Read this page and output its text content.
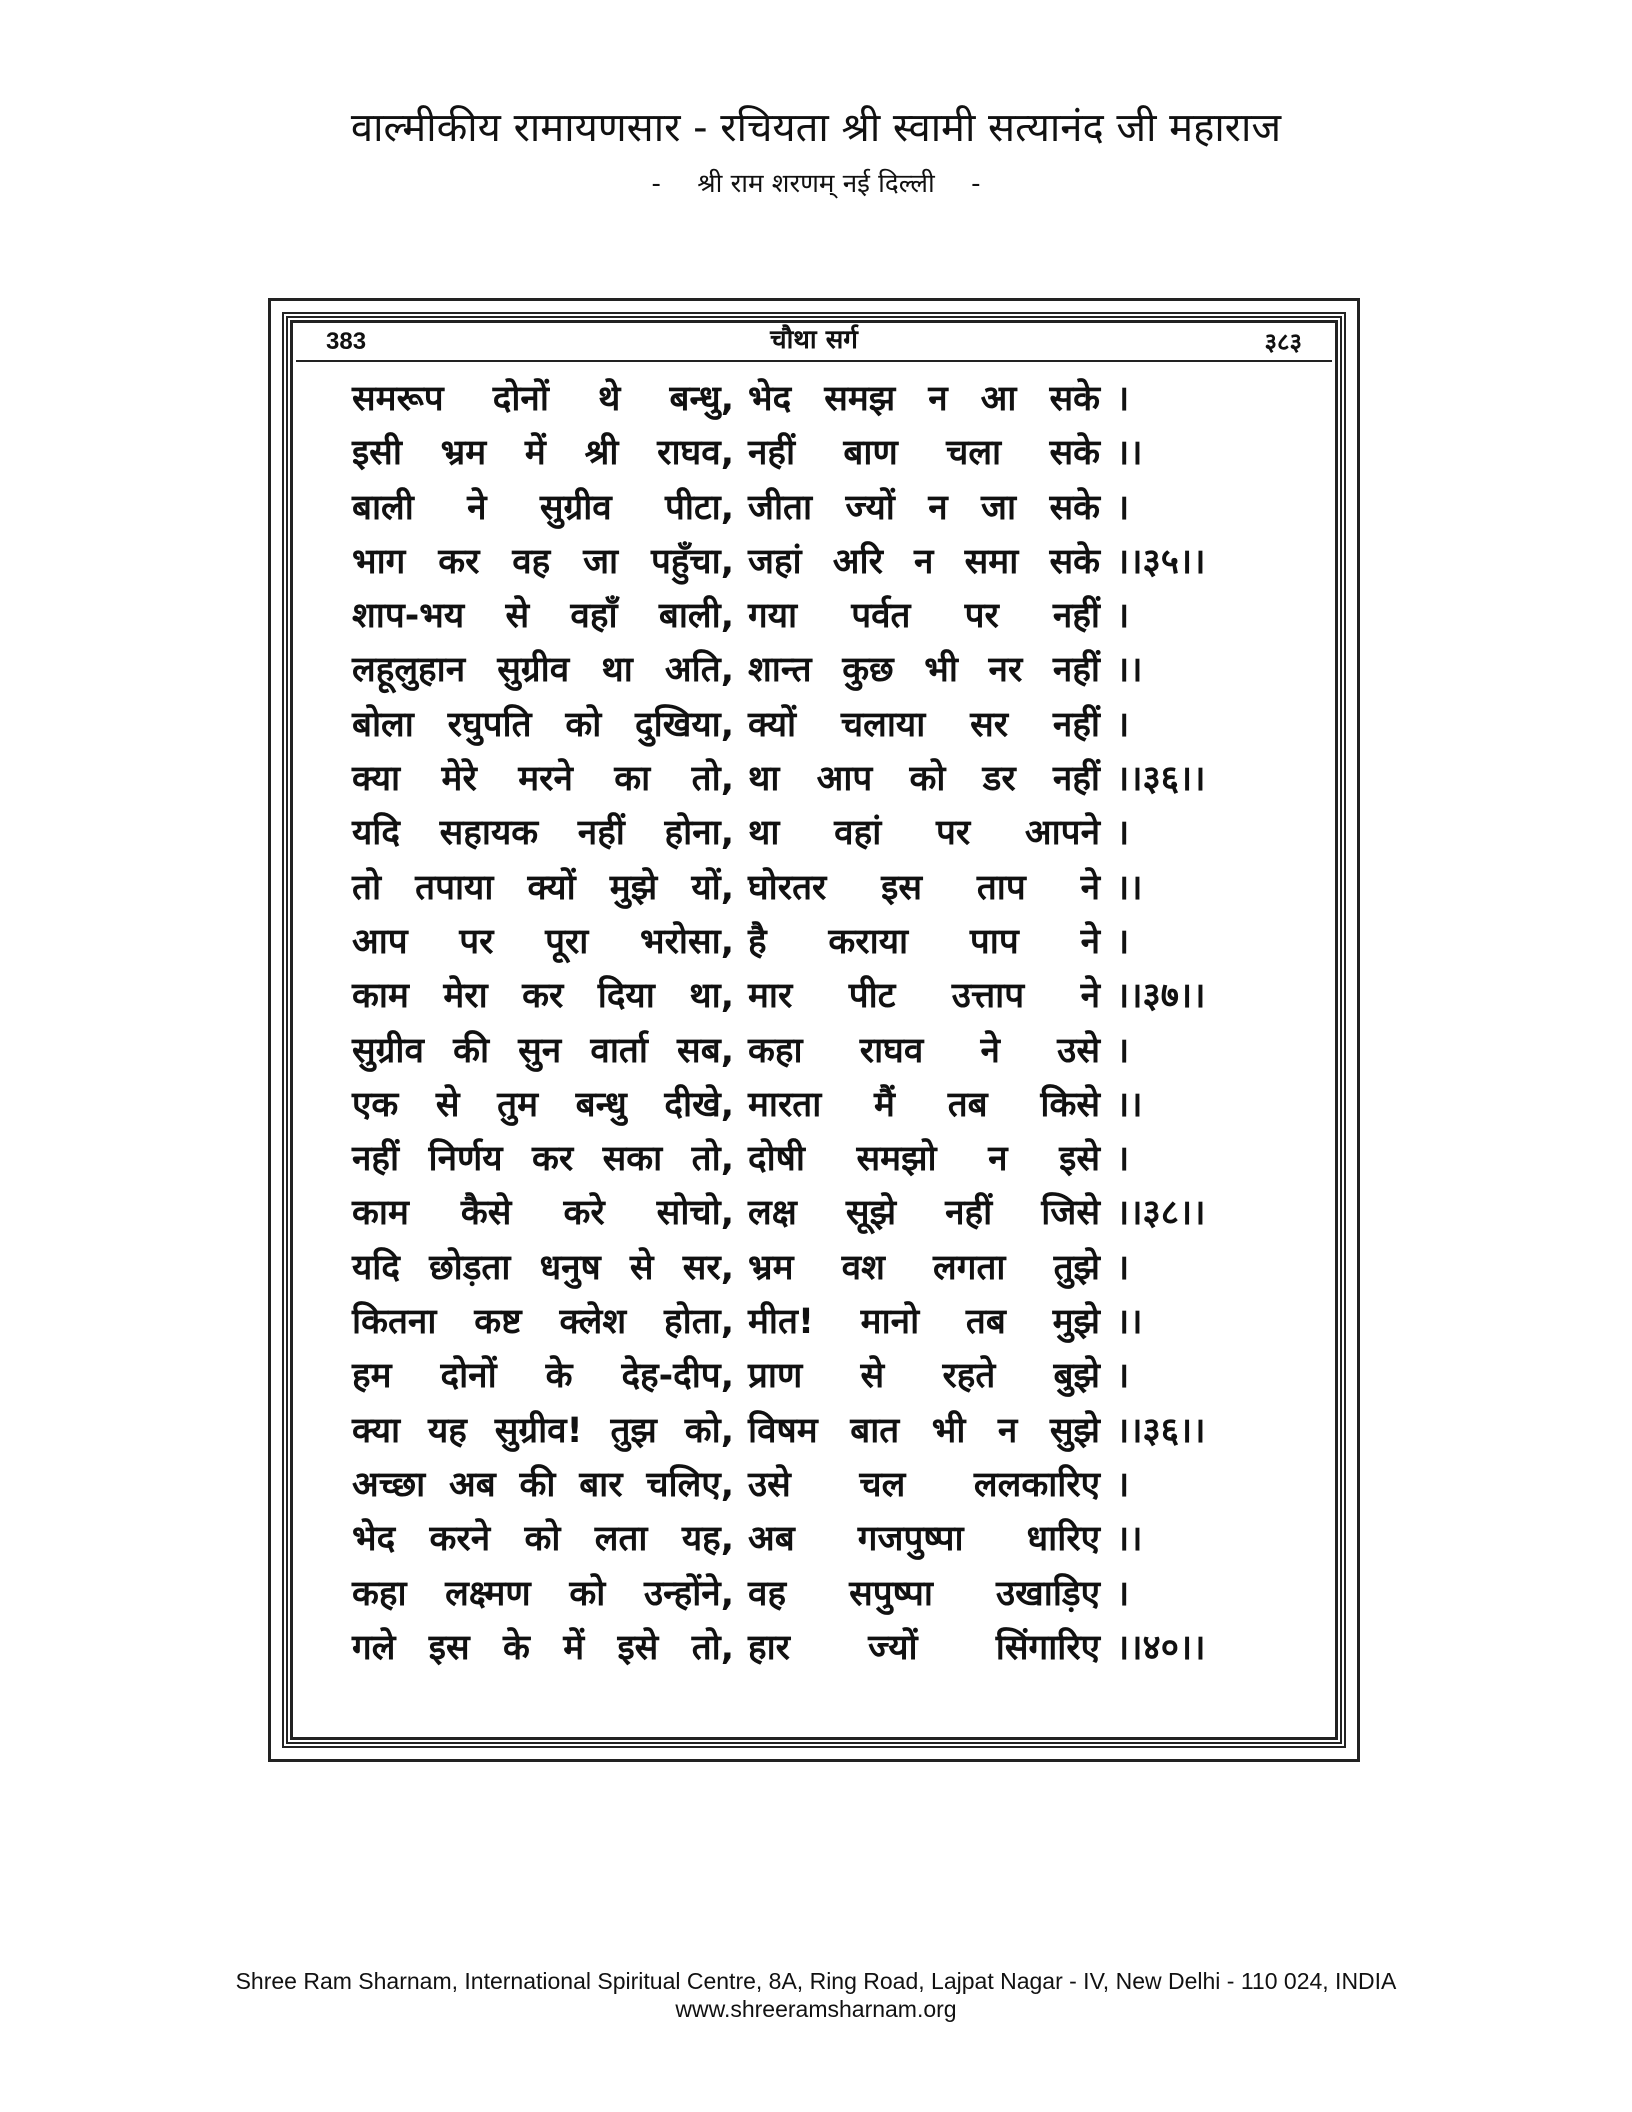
वाल्मीकीय रामायणसार - रचियता श्री स्वामी सत्यानंद जी महाराज
- श्री राम शरणम् नई दिल्ली -
383	चौथा सर्ग	३८३
समरूप दोनों थे बन्धु, भेद समझ न आ सके ।
इसी भ्रम में श्री राघव, नहीं बाण चला सके ।।
बाली ने सुग्रीव पीटा, जीता ज्यों न जा सके ।
भाग कर वह जा पहुँचा, जहां अरि न समा सके ।।३५।।
शाप-भय से वहाँ बाली, गया पर्वत पर नहीं ।
लहूलुहान सुग्रीव था अति, शान्त कुछ भी नर नहीं ।।
बोला रघुपति को दुखिया, क्यों चलाया सर नहीं ।
क्या मेरे मरने का तो, था आप को डर नहीं ।।३६।।
यदि सहायक नहीं होना, था वहां पर आपने ।
तो तपाया क्यों मुझे यों, घोरतर इस ताप ने ।।
आप पर पूरा भरोसा, है कराया पाप ने ।
काम मेरा कर दिया था, मार पीट उत्ताप ने ।।३७।।
सुग्रीव की सुन वार्ता सब, कहा राघव ने उसे ।
एक से तुम बन्धु दीखे, मारता मैं तब किसे ।।
नहीं निर्णय कर सका तो, दोषी समझो न इसे ।
काम कैसे करे सोचो, लक्ष सूझे नहीं जिसे ।।३८।।
यदि छोड़ता धनुष से सर, भ्रम वश लगता तुझे ।
कितना कष्ट क्लेश होता, मीत! मानो तब मुझे ।।
हम दोनों के देह-दीप, प्राण से रहते बुझे ।
क्या यह सुग्रीव! तुझ को, विषम बात भी न सुझे ।।३६।।
अच्छा अब की बार चलिए, उसे चल ललकारिए ।
भेद करने को लता यह, अब गजपुष्पा धारिए ।।
कहा लक्ष्मण को उन्होंने, वह सपुष्पा उखाड़िए ।
गले इस के में इसे तो, हार ज्यों सिंगारिए ।।४०।।
Shree Ram Sharnam, International Spiritual Centre, 8A, Ring Road, Lajpat Nagar - IV, New Delhi - 110 024, INDIA
www.shreeramsharnam.org
